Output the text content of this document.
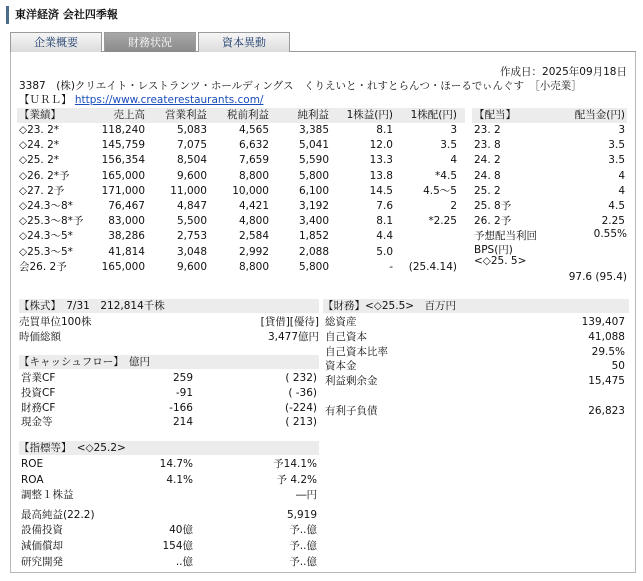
東洋経済 会社四季報
企業概要	財務状況	資本異動
作成日：2025年09月18日
3387　(株)クリエイト・レストランツ・ホールディングス　くりえいと・れすとらんつ・ほーるでぃんぐす　［小売業］
【ＵＲＬ】 https://www.createrestaurants.com/
【業績】	売上高 営業利益 税前利益	純利益 1株益(円) 1株配(円)
◇23. 2*	118,240	5,083	4,565	3,385	8.1	3
◇24. 2*	145,759	7,075	6,632	5,041	12.0	3.5
◇25. 2*	156,354	8,504	7,659	5,590	13.3	4
◇26. 2*予	165,000	9,600	8,800	5,800	13.8	*4.5
◇27. 2予	171,000 11,000 10,000	6,100	14.5	4.5〜5
◇24.3〜8*	76,467	4,847	4,421	3,192	7.6	2
◇25.3〜8*予 83,000	5,500	4,800	3,400	8.1	*2.25
◇24.3〜5*	38,286	2,753	2,584	1,852	4.4
◇25.3〜5*	41,814	3,048	2,992	2,088	5.0
会26. 2予	165,000	9,600	8,800	5,800	- (25.4.14)
【配当】	配当金(円)
23. 2	3
23. 8	3.5
24. 2	3.5
24. 8	4
25. 2	4
25. 8予	4.5
26. 2予	2.25
予想配当利回	0.55%
BPS(円)
<◇25. 5>
97.6 (95.4)
【株式】　7/31　212,814千株
売買単位100株	[貸借][優待]
時価総額	3,477億円
【財務】<◇25.5>　百万円
総資産	139,407
自己資本	41,088
自己資本比率	29.5%
資本金	50
利益剰余金	15,475
有利子負債	26,823
【キャッシュフロー】　億円
営業CF	259	( 232)
投資CF	-91	( -36)
財務CF	-166	(-224)
現金等	214	( 213)
【指標等】　<◇25.2>
ROE	14.7%	予14.1%
ROA	4.1%	予 4.2%
調整１株益	―円
最高純益(22.2)	5,919
設備投資	40億	予..億
減価償却	154億	予..億
研究開発	..億	予..億
